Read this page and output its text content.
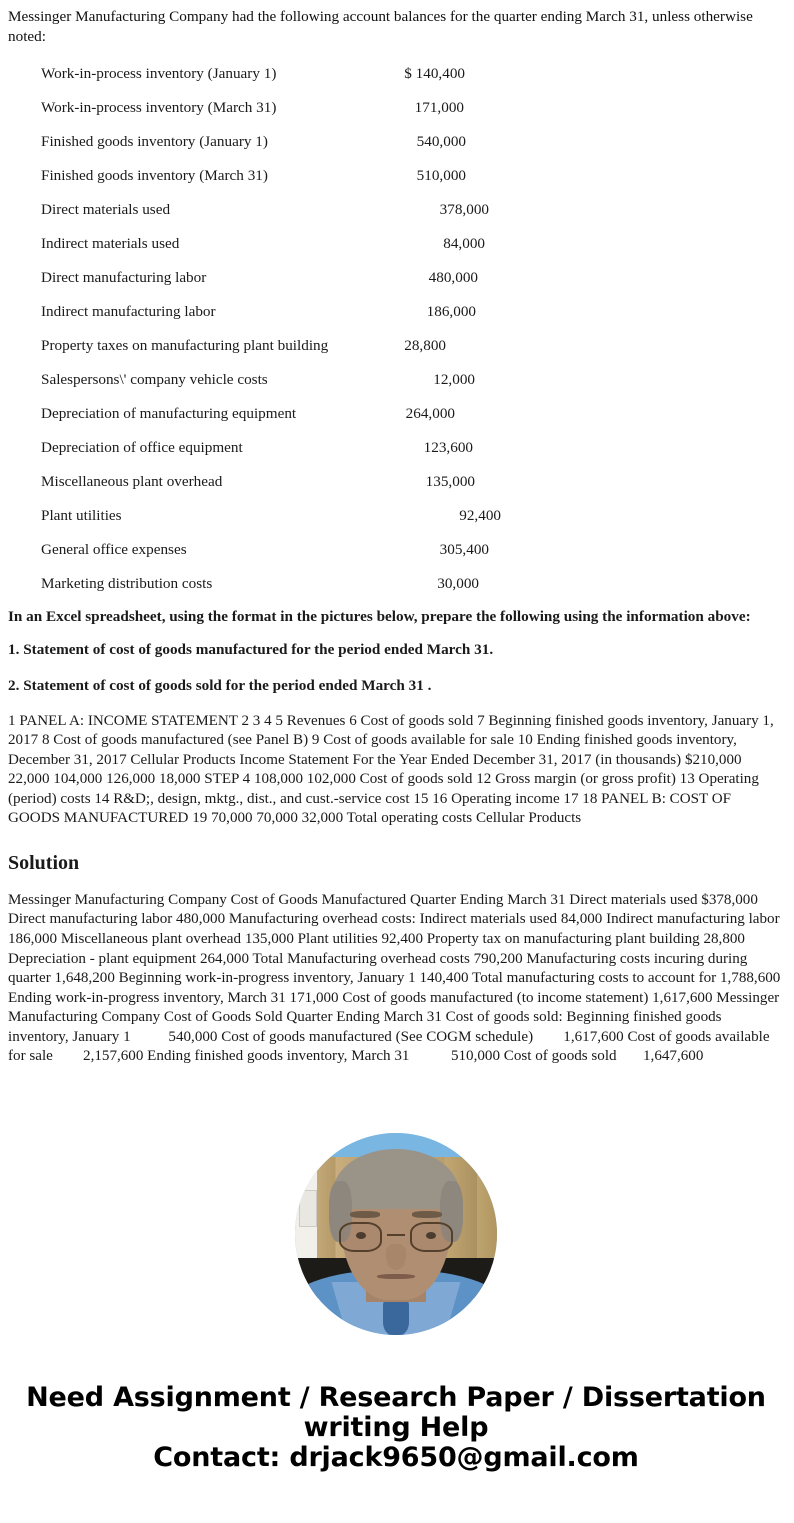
Messinger Manufacturing Company had the following account balances for the quarter ending March 31, unless otherwise noted:

Work-in-process inventory (January 1)	$ 140,400
Work-in-process inventory (March 31)	171,000
Finished goods inventory (January 1)	540,000
Finished goods inventory (March 31)	510,000
Direct materials used	378,000
Indirect materials used	84,000
Direct manufacturing labor	480,000
Indirect manufacturing labor	186,000
Property taxes on manufacturing plant building	28,800
Salespersons\' company vehicle costs	12,000
Depreciation of manufacturing equipment	264,000
Depreciation of office equipment	123,600
Miscellaneous plant overhead	135,000
Plant utilities	92,400
General office expenses	305,400
Marketing distribution costs	30,000

In an Excel spreadsheet, using the format in the pictures below, prepare the following using the information above:

1. Statement of cost of goods manufactured for the period ended March 31.

2. Statement of cost of goods sold for the period ended March 31 .

1 PANEL A: INCOME STATEMENT 2 3 4 5 Revenues 6 Cost of goods sold 7 Beginning finished goods inventory, January 1, 2017 8 Cost of goods manufactured (see Panel B) 9 Cost of goods available for sale 10 Ending finished goods inventory, December 31, 2017 Cellular Products Income Statement For the Year Ended December 31, 2017 (in thousands) $210,000 22,000 104,000 126,000 18,000 STEP 4 108,000 102,000 Cost of goods sold 12 Gross margin (or gross profit) 13 Operating (period) costs 14 R&D;, design, mktg., dist., and cust.-service cost 15 16 Operating income 17 18 PANEL B: COST OF GOODS MANUFACTURED 19 70,000 70,000 32,000 Total operating costs Cellular Products

Solution

Messinger Manufacturing Company Cost of Goods Manufactured Quarter Ending March 31 Direct materials used $378,000 Direct manufacturing labor 480,000 Manufacturing overhead costs: Indirect materials used 84,000 Indirect manufacturing labor 186,000 Miscellaneous plant overhead 135,000 Plant utilities 92,400 Property tax on manufacturing plant building 28,800 Depreciation - plant equipment 264,000 Total Manufacturing overhead costs 790,200 Manufacturing costs incuring during quarter 1,648,200 Beginning work-in-progress inventory, January 1 140,400 Total manufacturing costs to account for 1,788,600 Ending work-in-progress inventory, March 31 171,000 Cost of goods manufactured (to income statement) 1,617,600 Messinger Manufacturing Company Cost of Goods Sold Quarter Ending March 31 Cost of goods sold: Beginning finished goods inventory, January 1          540,000 Cost of goods manufactured (See COGM schedule)        1,617,600 Cost of goods available for sale        2,157,600 Ending finished goods inventory, March 31           510,000 Cost of goods sold       1,647,600

Need Assignment / Research Paper / Dissertation
writing Help
Contact: drjack9650@gmail.com
